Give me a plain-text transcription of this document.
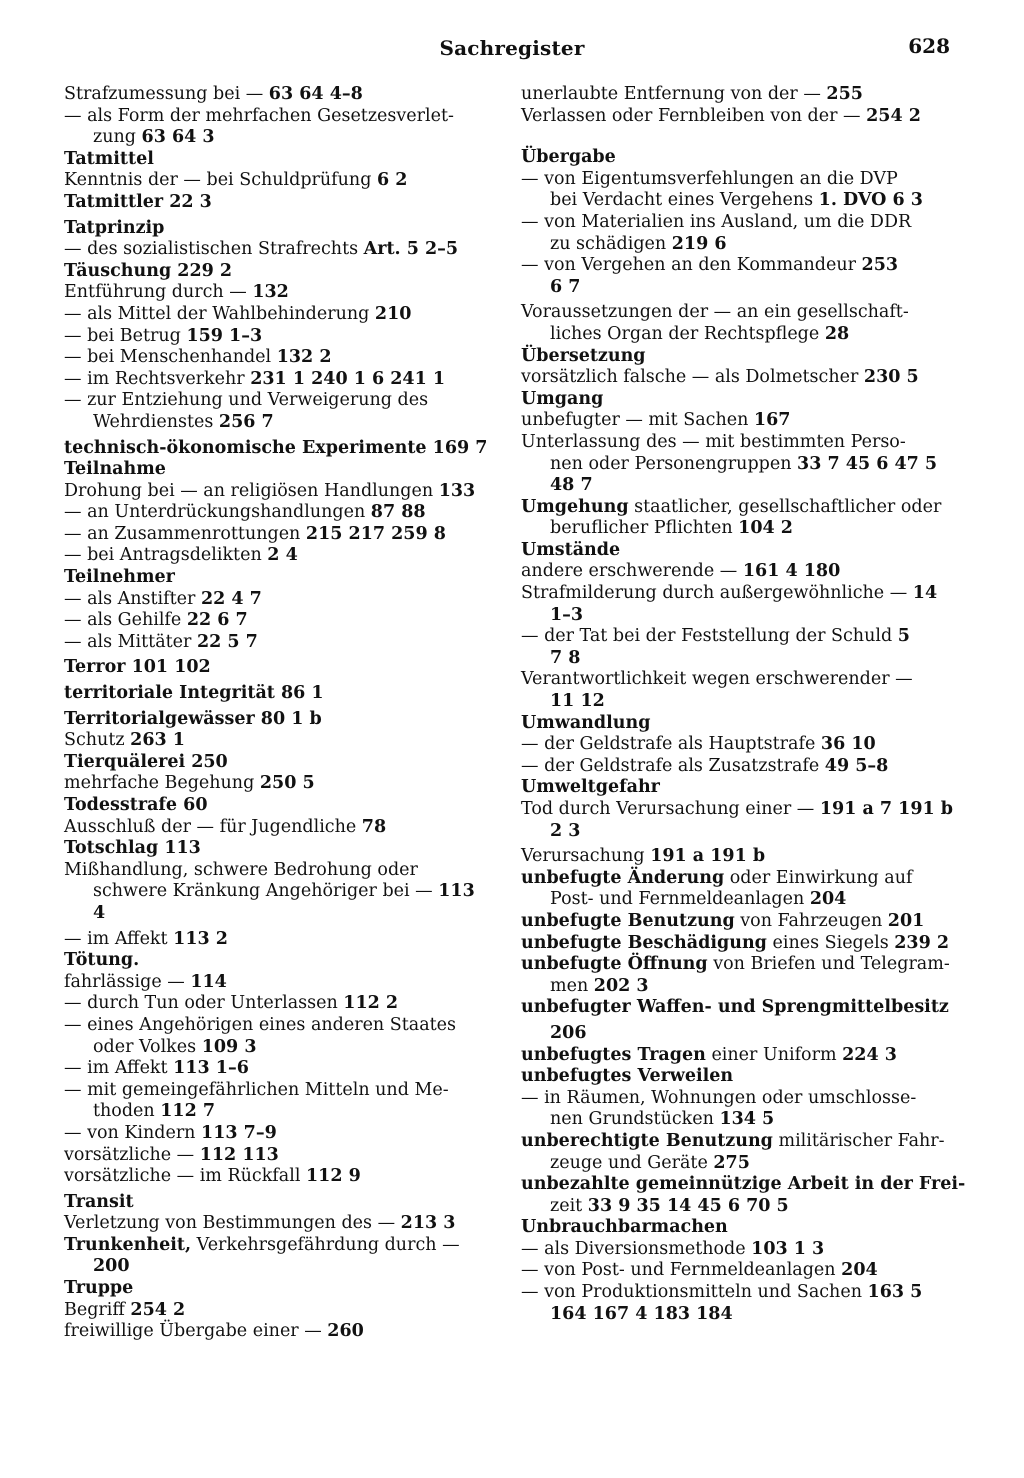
Sachregister	628
Strafzumessung bei — 63 64 4–8
— als Form der mehrfachen Gesetzesverlet-
zung 63 64 3
Tatmittel
Kenntnis der — bei Schuldprüfung 6 2
Tatmittler 22 3
Tatprinzip
— des sozialistischen Strafrechts Art. 5 2–5
Täuschung 229 2
Entführung durch — 132
— als Mittel der Wahlbehinderung 210
— bei Betrug 159 1–3
— bei Menschenhandel 132 2
— im Rechtsverkehr 231 1 240 1 6 241 1
— zur Entziehung und Verweigerung des
Wehrdienstes 256 7
technisch-ökonomische Experimente 169 7
Teilnahme
Drohung bei — an religiösen Handlungen 133
— an Unterdrückungshandlungen 87 88
— an Zusammenrottungen 215 217 259 8
— bei Antragsdelikten 2 4
Teilnehmer
— als Anstifter 22 4 7
— als Gehilfe 22 6 7
— als Mittäter 22 5 7
Terror 101 102
territoriale Integrität 86 1
Territorialgewässer 80 1 b
Schutz 263 1
Tierquälerei 250
mehrfache Begehung 250 5
Todesstrafe 60
Ausschluß der — für Jugendliche 78
Totschlag 113
Mißhandlung, schwere Bedrohung oder
schwere Kränkung Angehöriger bei — 113
4
— im Affekt 113 2
Tötung.
fahrlässige — 114
— durch Tun oder Unterlassen 112 2
— eines Angehörigen eines anderen Staates
oder Volkes 109 3
— im Affekt 113 1–6
— mit gemeingefährlichen Mitteln und Me-
thoden 112 7
— von Kindern 113 7–9
vorsätzliche — 112 113
vorsätzliche — im Rückfall 112 9
Transit
Verletzung von Bestimmungen des — 213 3
Trunkenheit, Verkehrsgefährdung durch —
200
Truppe
Begriff 254 2
freiwillige Übergabe einer — 260
unerlaubte Entfernung von der — 255
Verlassen oder Fernbleiben von der — 254 2
Übergabe
— von Eigentumsverfehlungen an die DVP
bei Verdacht eines Vergehens 1. DVO 6 3
— von Materialien ins Ausland, um die DDR
zu schädigen 219 6
— von Vergehen an den Kommandeur 253
6 7
Voraussetzungen der — an ein gesellschaft-
liches Organ der Rechtspflege 28
Übersetzung
vorsätzlich falsche — als Dolmetscher 230 5
Umgang
unbefugter — mit Sachen 167
Unterlassung des — mit bestimmten Perso-
nen oder Personengruppen 33 7 45 6 47 5
48 7
Umgehung staatlicher, gesellschaftlicher oder
beruflicher Pflichten 104 2
Umstände
andere erschwerende — 161 4 180
Strafmilderung durch außergewöhnliche — 14
1–3
— der Tat bei der Feststellung der Schuld 5
7 8
Verantwortlichkeit wegen erschwerender —
11 12
Umwandlung
— der Geldstrafe als Hauptstrafe 36 10
— der Geldstrafe als Zusatzstrafe 49 5–8
Umweltgefahr
Tod durch Verursachung einer — 191 a 7 191 b
2 3
Verursachung 191 a 191 b
unbefugte Änderung oder Einwirkung auf
Post- und Fernmeldeanlagen 204
unbefugte Benutzung von Fahrzeugen 201
unbefugte Beschädigung eines Siegels 239 2
unbefugte Öffnung von Briefen und Telegram-
men 202 3
unbefugter Waffen- und Sprengmittelbesitz
206
unbefugtes Tragen einer Uniform 224 3
unbefugtes Verweilen
— in Räumen, Wohnungen oder umschlosse-
nen Grundstücken 134 5
unberechtigte Benutzung militärischer Fahr-
zeuge und Geräte 275
unbezahlte gemeinnützige Arbeit in der Frei-
zeit 33 9 35 14 45 6 70 5
Unbrauchbarmachen
— als Diversionsmethode 103 1 3
— von Post- und Fernmeldeanlagen 204
— von Produktionsmitteln und Sachen 163 5
164 167 4 183 184
